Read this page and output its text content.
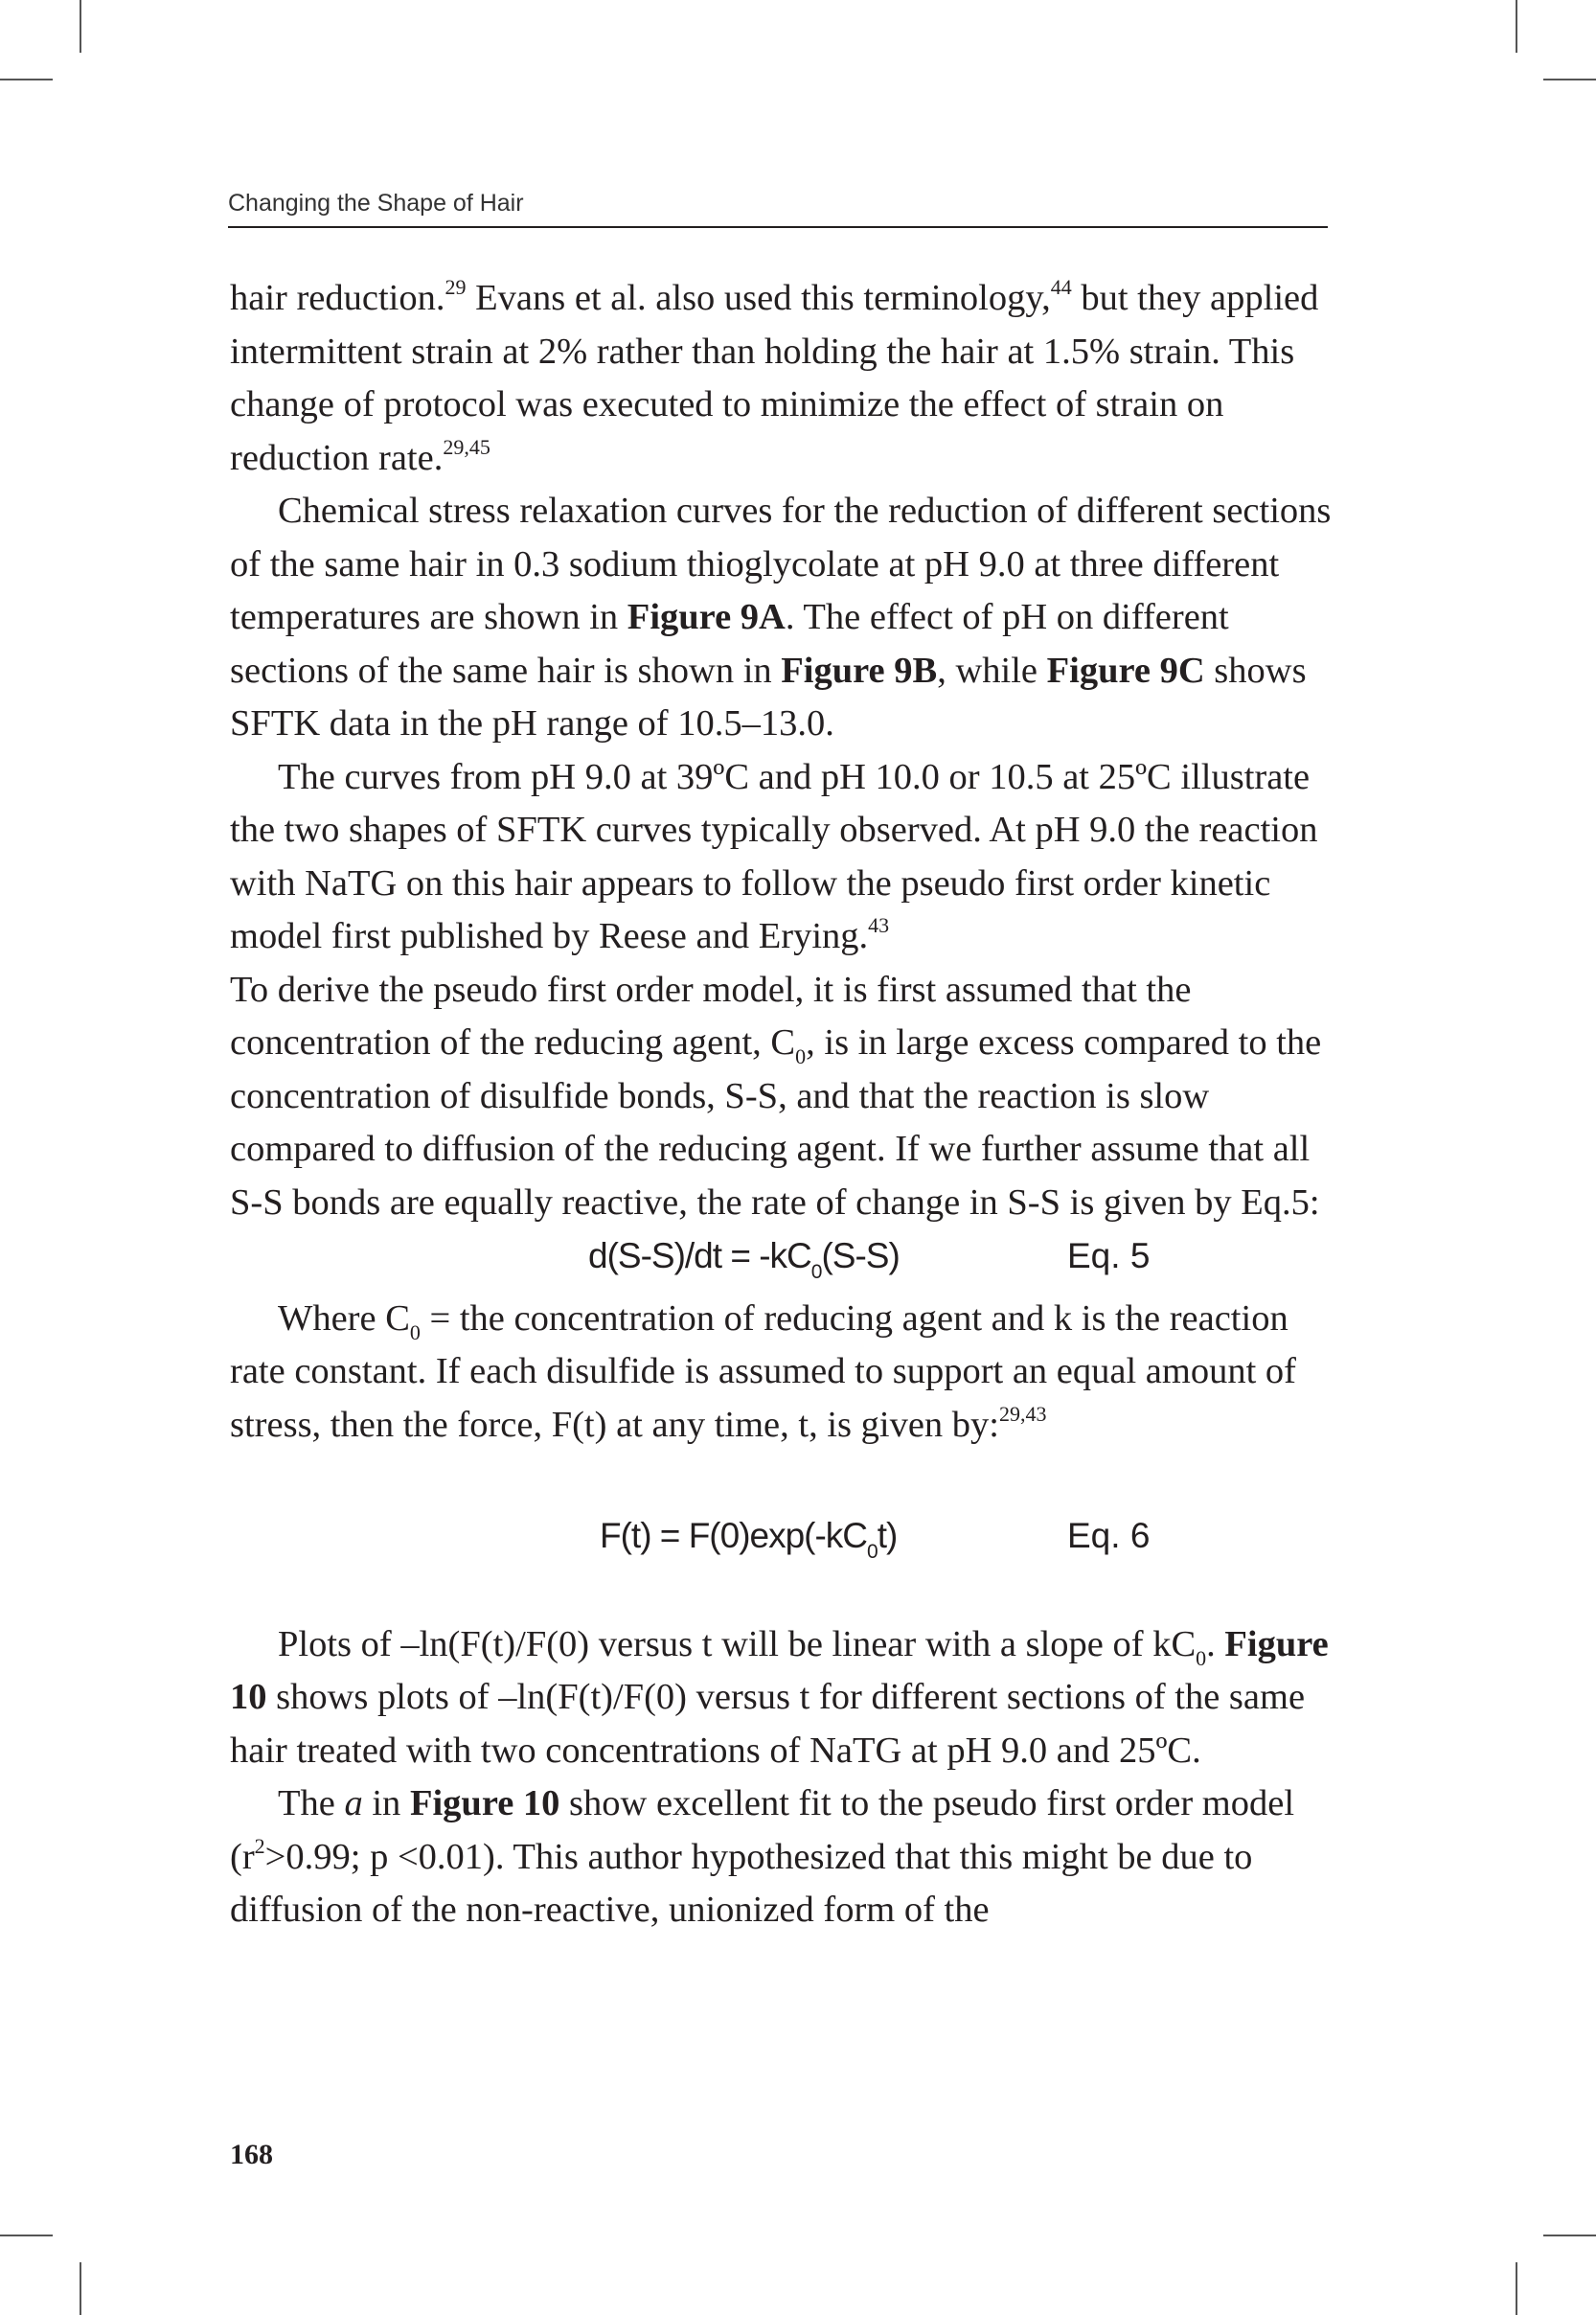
Changing the Shape of Hair

hair reduction.$^{29}$ Evans et al. also used this terminology,$^{44}$ but they applied intermittent strain at 2% rather than holding the hair at 1.5% strain. This change of protocol was executed to minimize the effect of strain on reduction rate.$^{29,45}$

Chemical stress relaxation curves for the reduction of different sections of the same hair in 0.3 sodium thioglycolate at pH 9.0 at three different temperatures are shown in Figure 9A. The effect of pH on different sections of the same hair is shown in Figure 9B, while Figure 9C shows SFTK data in the pH range of 10.5–13.0.

The curves from pH 9.0 at 39ºC and pH 10.0 or 10.5 at 25ºC illustrate the two shapes of SFTK curves typically observed. At pH 9.0 the reaction with NaTG on this hair appears to follow the pseudo first order kinetic model first published by Reese and Erying.$^{43}$

To derive the pseudo first order model, it is first assumed that the concentration of the reducing agent, $C_0$, is in large excess compared to the concentration of disulfide bonds, S-S, and that the reaction is slow compared to diffusion of the reducing agent. If we further assume that all S-S bonds are equally reactive, the rate of change in S-S is given by Eq.5:

$d(S-S)/dt = -kC_0(S-S)$	Eq. 5

Where $C_0$ = the concentration of reducing agent and k is the reaction rate constant. If each disulfide is assumed to support an equal amount of stress, then the force, F(t) at any time, t, is given by:$^{29,43}$

$F(t) = F(0)\exp(-kC_0t)$	Eq. 6

Plots of –ln(F(t)/F(0) versus t will be linear with a slope of $kC_0$. Figure 10 shows plots of –ln(F(t)/F(0) versus t for different sections of the same hair treated with two concentrations of NaTG at pH 9.0 and 25ºC.

The a in Figure 10 show excellent fit to the pseudo first order model ($r^2>0.99$; p <0.01). This author hypothesized that this might be due to diffusion of the non-reactive, unionized form of the

168
